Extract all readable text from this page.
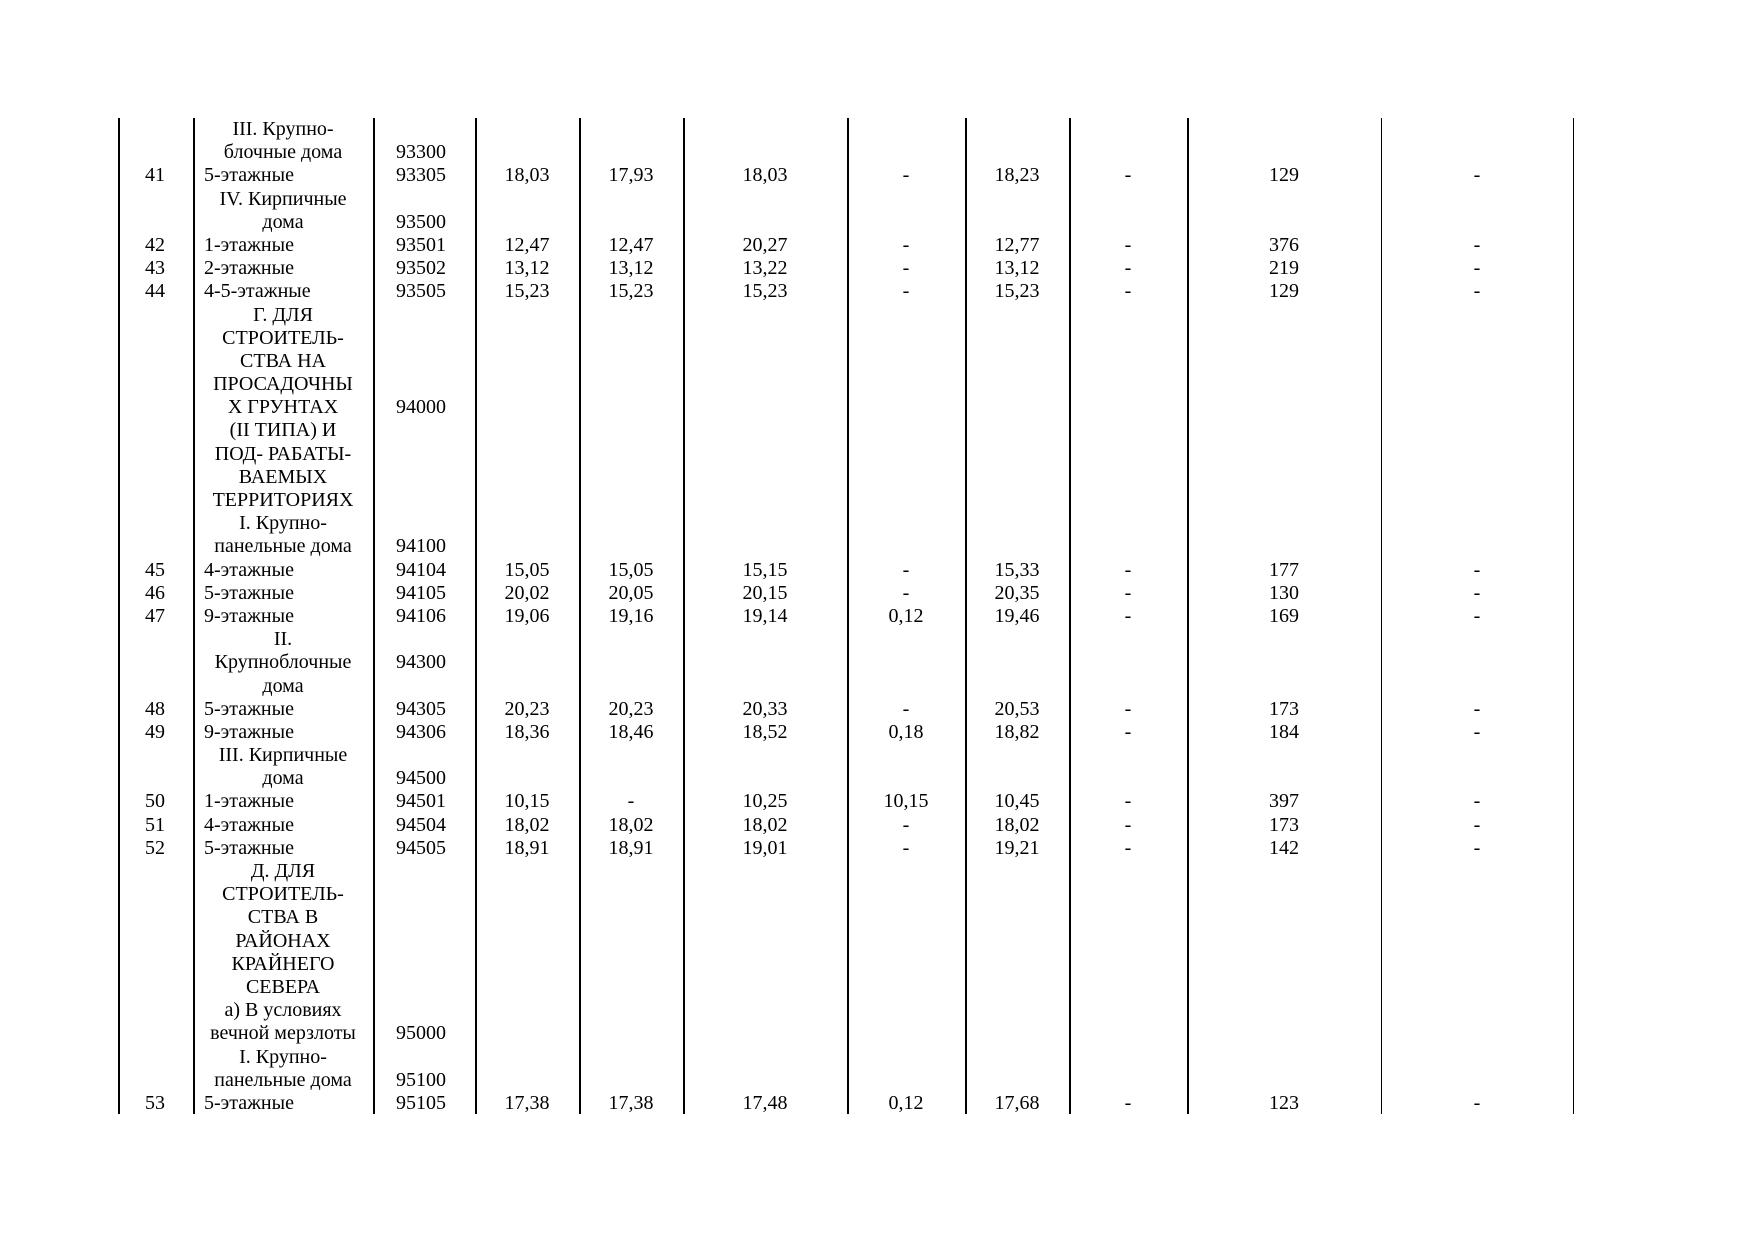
III. Крупно-
блочные дома	93300
41	5-этажные	93305	18,03	17,93	18,03	-	18,23	-	129	-
IV. Кирпичные
дома	93500
42	1-этажные	93501	12,47	12,47	20,27	-	12,77	-	376	-
43	2-этажные	93502	13,12	13,12	13,22	-	13,12	-	219	-
44	4-5-этажные	93505	15,23	15,23	15,23	-	15,23	-	129	-
Г. ДЛЯ
СТРОИТЕЛЬ-
СТВА НА
ПРОСАДОЧНЫ
Х ГРУНТАХ	94000
(II ТИПА) И
ПОД- РАБАТЫ-
ВАЕМЫХ
ТЕРРИТОРИЯХ
I. Крупно-
панельные дома	94100
45	4-этажные	94104	15,05	15,05	15,15	-	15,33	-	177	-
46	5-этажные	94105	20,02	20,05	20,15	-	20,35	-	130	-
47	9-этажные	94106	19,06	19,16	19,14	0,12	19,46	-	169	-
II.
Крупноблочные	94300
дома
48	5-этажные	94305	20,23	20,23	20,33	-	20,53	-	173	-
49	9-этажные	94306	18,36	18,46	18,52	0,18	18,82	-	184	-
III. Кирпичные
дома	94500
50	1-этажные	94501	10,15	-	10,25	10,15	10,45	-	397	-
51	4-этажные	94504	18,02	18,02	18,02	-	18,02	-	173	-
52	5-этажные	94505	18,91	18,91	19,01	-	19,21	-	142	-
Д. ДЛЯ
СТРОИТЕЛЬ-
СТВА В
РАЙОНАХ
КРАЙНЕГО
СЕВЕРА
а) В условиях
вечной мерзлоты	95000
I. Крупно-
панельные дома	95100
53	5-этажные	95105	17,38	17,38	17,48	0,12	17,68	-	123	-
